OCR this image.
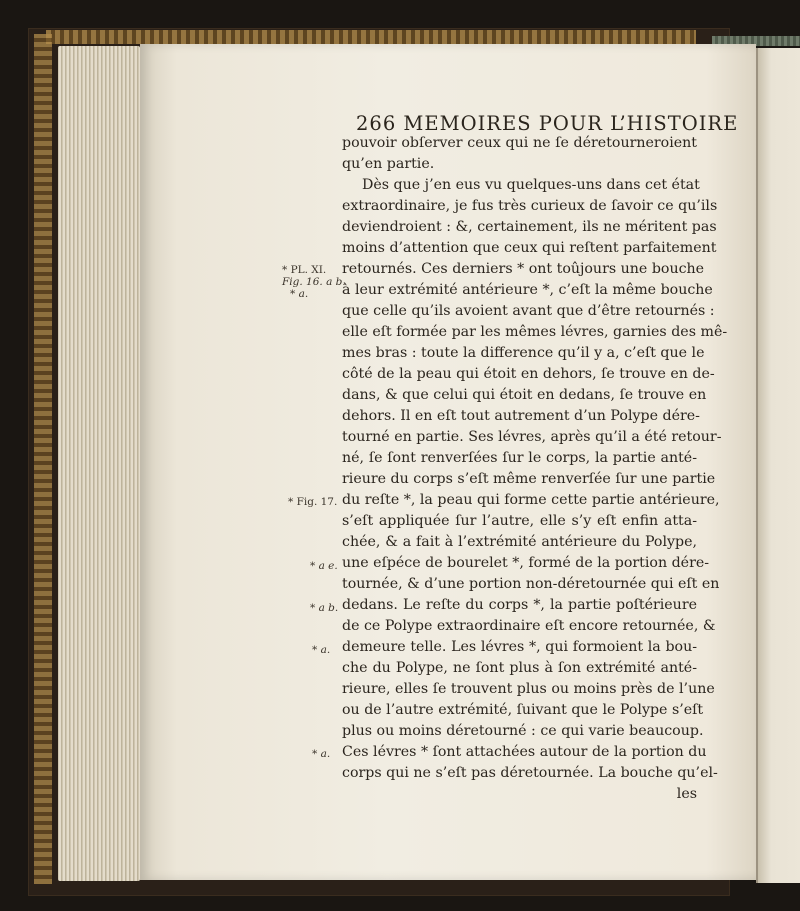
266 MEMOIRES POUR L’HISTOIRE
pouvoir obſerver ceux qui ne ſe déretourneroient
qu’en partie.
Dès que j’en eus vu quelques-uns dans cet état
extraordinaire, je fus très curieux de ſavoir ce qu’ils
deviendroient : &, certainement, ils ne méritent pas
moins d’attention que ceux qui reſtent parfaitement
retournés. Ces derniers * ont toûjours une bouche
à leur extrémité antérieure *, c’eſt la même bouche
que celle qu’ils avoient avant que d’être retournés :
elle eſt formée par les mêmes lévres, garnies des mê-
mes bras : toute la difference qu’il y a, c’eſt que le
côté de la peau qui étoit en dehors, ſe trouve en de-
dans, & que celui qui étoit en dedans, ſe trouve en
dehors. Il en eſt tout autrement d’un Polype dére-
tourné en partie. Ses lévres, après qu’il a été retour-
né, ſe ſont renverſées ſur le corps, la partie anté-
rieure du corps s’eſt même renverſée ſur une partie
du reſte *, la peau qui forme cette partie antérieure,
s’eſt appliquée ſur l’autre, elle s’y eſt enfin atta-
chée, & a fait à l’extrémité antérieure du Polype,
une eſpéce de bourelet *, formé de la portion dére-
tournée, & d’une portion non-déretournée qui eſt en
dedans. Le reſte du corps *, la partie poſtérieure
de ce Polype extraordinaire eſt encore retournée, &
demeure telle. Les lévres *, qui formoient la bou-
che du Polype, ne ſont plus à ſon extrémité anté-
rieure, elles ſe trouvent plus ou moins près de l’une
ou de l’autre extrémité, ſuivant que le Polype s’eſt
plus ou moins déretourné : ce qui varie beaucoup.
Ces lévres * ſont attachées autour de la portion du
corps qui ne s’eſt pas déretournée. La bouche qu’el-
les
* PL. XI.
Fig. 16. a b.
* a.
* Fig. 17.
* a e.
* a b.
* a.
* a.
